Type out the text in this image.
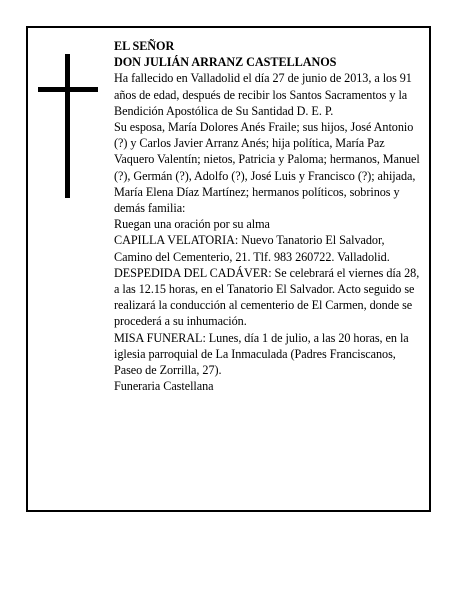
EL SEÑOR

DON JULIÁN ARRANZ CASTELLANOS

Ha fallecido en Valladolid el día 27 de junio de 2013, a los 91 años de edad, después de recibir los Santos Sacramentos y la Bendición Apostólica de Su Santidad D. E. P.

Su esposa, María Dolores Anés Fraile; sus hijos, José Antonio (?) y Carlos Javier Arranz Anés; hija política, María Paz Vaquero Valentín; nietos, Patricia y Paloma; hermanos, Manuel (?), Germán (?), Adolfo (?), José Luis y Francisco (?); ahijada, María Elena Díaz Martínez; hermanos políticos, sobrinos y demás familia:

Ruegan una oración por su alma

CAPILLA VELATORIA: Nuevo Tanatorio El Salvador, Camino del Cementerio, 21. Tlf. 983 260722. Valladolid.

DESPEDIDA DEL CADÁVER: Se celebrará el viernes día 28, a las 12.15 horas, en el Tanatorio El Salvador. Acto seguido se realizará la conducción al cementerio de El Carmen, donde se procederá a su inhumación.

MISA FUNERAL: Lunes, día 1 de julio, a las 20 horas, en la iglesia parroquial de La Inmaculada (Padres Franciscanos, Paseo de Zorrilla, 27).

Funeraria Castellana
